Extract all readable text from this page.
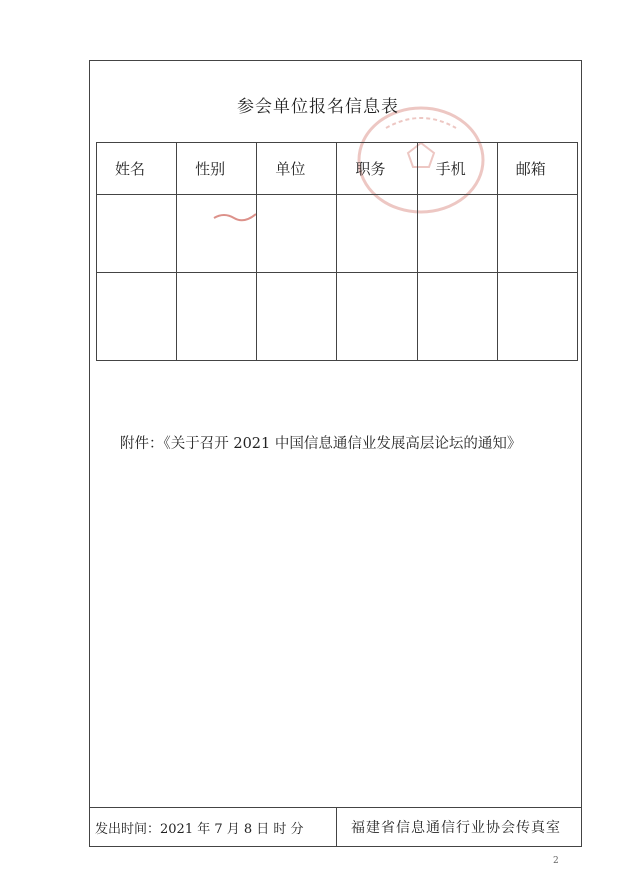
参会单位报名信息表
姓名	性别	单位	职务	手机	邮箱

附件：《关于召开 2021 中国信息通信业发展高层论坛的通知》
发出时间：2021 年 7 月 8 日 时 分	福建省信息通信行业协会传真室
2
